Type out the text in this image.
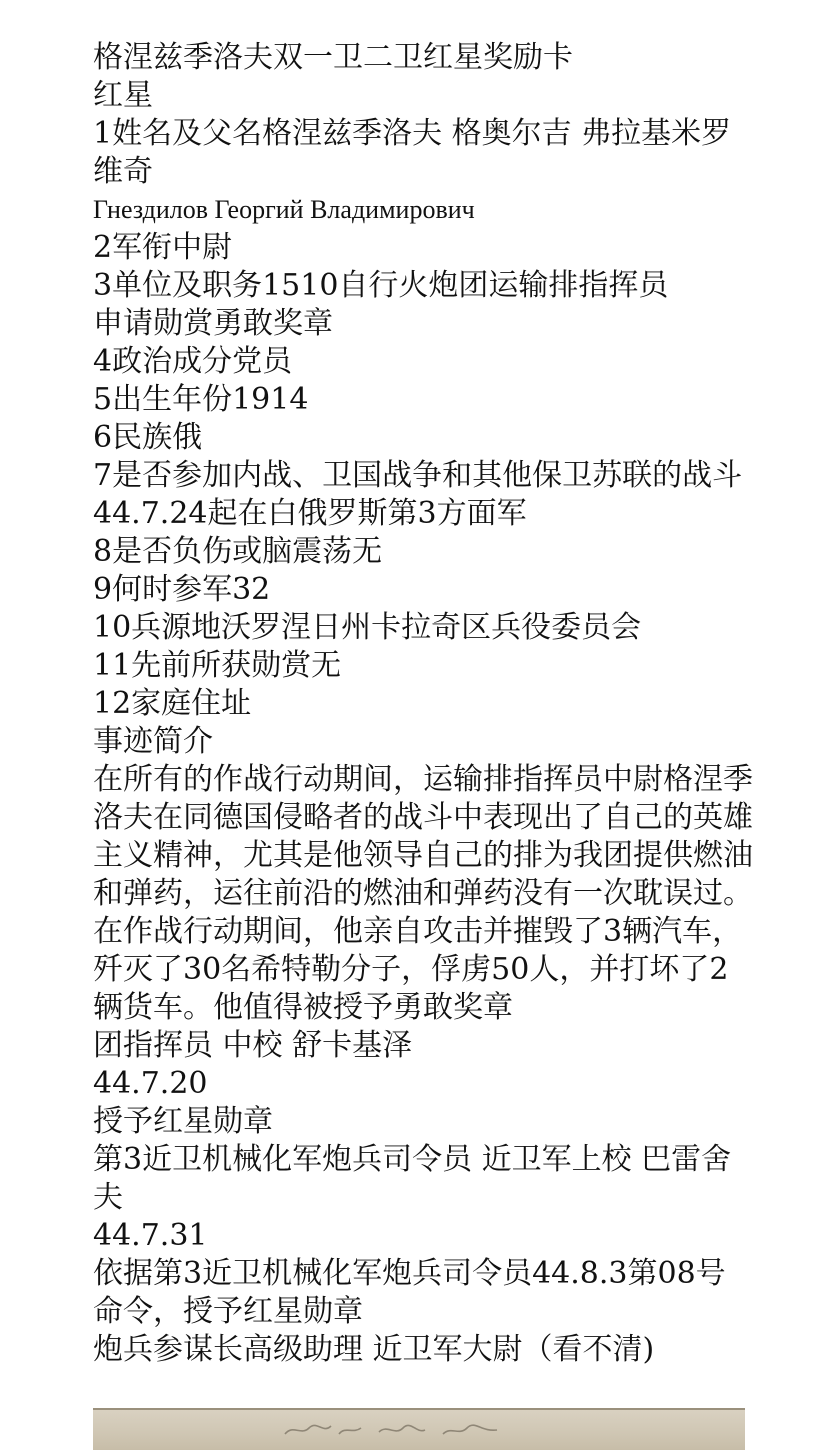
格涅兹季洛夫双一卫二卫红星奖励卡
红星
1姓名及父名格涅兹季洛夫 格奥尔吉 弗拉基米罗维奇
Гнездилов Георгий Владимирович
2军衔中尉
3单位及职务1510自行火炮团运输排指挥员
申请勋赏勇敢奖章
4政治成分党员
5出生年份1914
6民族俄
7是否参加内战、卫国战争和其他保卫苏联的战斗44.7.24起在白俄罗斯第3方面军
8是否负伤或脑震荡无
9何时参军32
10兵源地沃罗涅日州卡拉奇区兵役委员会
11先前所获勋赏无
12家庭住址
事迹简介
在所有的作战行动期间，运输排指挥员中尉格涅季洛夫在同德国侵略者的战斗中表现出了自己的英雄主义精神，尤其是他领导自己的排为我团提供燃油和弹药，运往前沿的燃油和弹药没有一次耽误过。
在作战行动期间，他亲自攻击并摧毁了3辆汽车，歼灭了30名希特勒分子，俘虏50人，并打坏了2辆货车。他值得被授予勇敢奖章
团指挥员 中校 舒卡基泽
44.7.20
授予红星勋章
第3近卫机械化军炮兵司令员 近卫军上校 巴雷舍夫
44.7.31
依据第3近卫机械化军炮兵司令员44.8.3第08号命令，授予红星勋章
炮兵参谋长高级助理 近卫军大尉（看不清)
